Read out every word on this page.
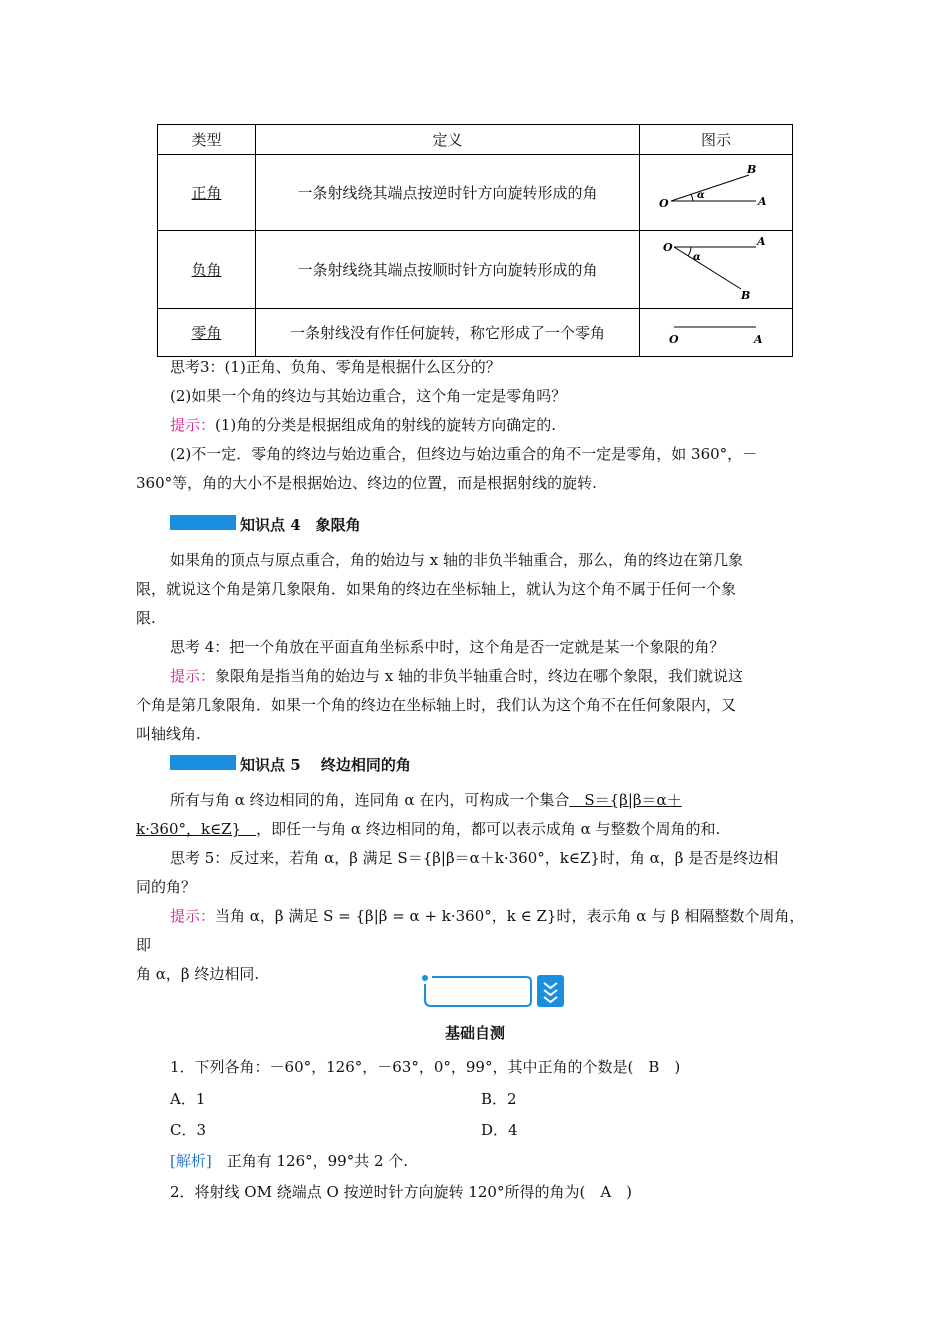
类型	定义	图示
正角	一条射线绕其端点按逆时针方向旋转形成的角	O A
B
α

负角	一条射线绕其端点按顺时针方向旋转形成的角	O A
B
α

零角	一条射线没有作任何旋转，称它形成了一个零角	O A
思考3：(1)正角、负角、零角是根据什么区分的？
(2)如果一个角的终边与其始边重合，这个角一定是零角吗？
提示：(1)角的分类是根据组成角的射线的旋转方向确定的.
(2)不一定．零角的终边与始边重合，但终边与始边重合的角不一定是零角，如 360°，－
360°等，角的大小不是根据始边、终边的位置，而是根据射线的旋转.
知识点 4　象限角
如果角的顶点与原点重合，角的始边与 x 轴的非负半轴重合，那么，角的终边在第几象
限，就说这个角是第几象限角．如果角的终边在坐标轴上，就认为这个角不属于任何一个象
限.
思考 4：把一个角放在平面直角坐标系中时，这个角是否一定就是某一个象限的角？
提示：象限角是指当角的始边与 x 轴的非负半轴重合时，终边在哪个象限，我们就说这
个角是第几象限角．如果一个角的终边在坐标轴上时，我们认为这个角不在任何象限内，又
叫轴线角.
知识点 5　 终边相同的角
所有与角 α 终边相同的角，连同角 α 在内，可构成一个集合　S＝{β|β＝α＋
k·360°，k∈Z}　，即任一与角 α 终边相同的角，都可以表示成角 α 与整数个周角的和.
思考 5：反过来，若角 α，β 满足 S＝{β|β＝α＋k·360°，k∈Z}时，角 α，β 是否是终边相
同的角？
提示：当角 α，β 满足 S = {β|β = α + k·360°，k ∈ Z}时，表示角 α 与 β 相隔整数个周角，即
角 α，β 终边相同.
基础自测
1．下列各角：－60°，126°，－63°，0°，99°，其中正角的个数是(　B　)
A．1	B．2
C．3	D．4
[解析]　正角有 126°，99°共 2 个.
2．将射线 OM 绕端点 O 按逆时针方向旋转 120°所得的角为(　A　)
